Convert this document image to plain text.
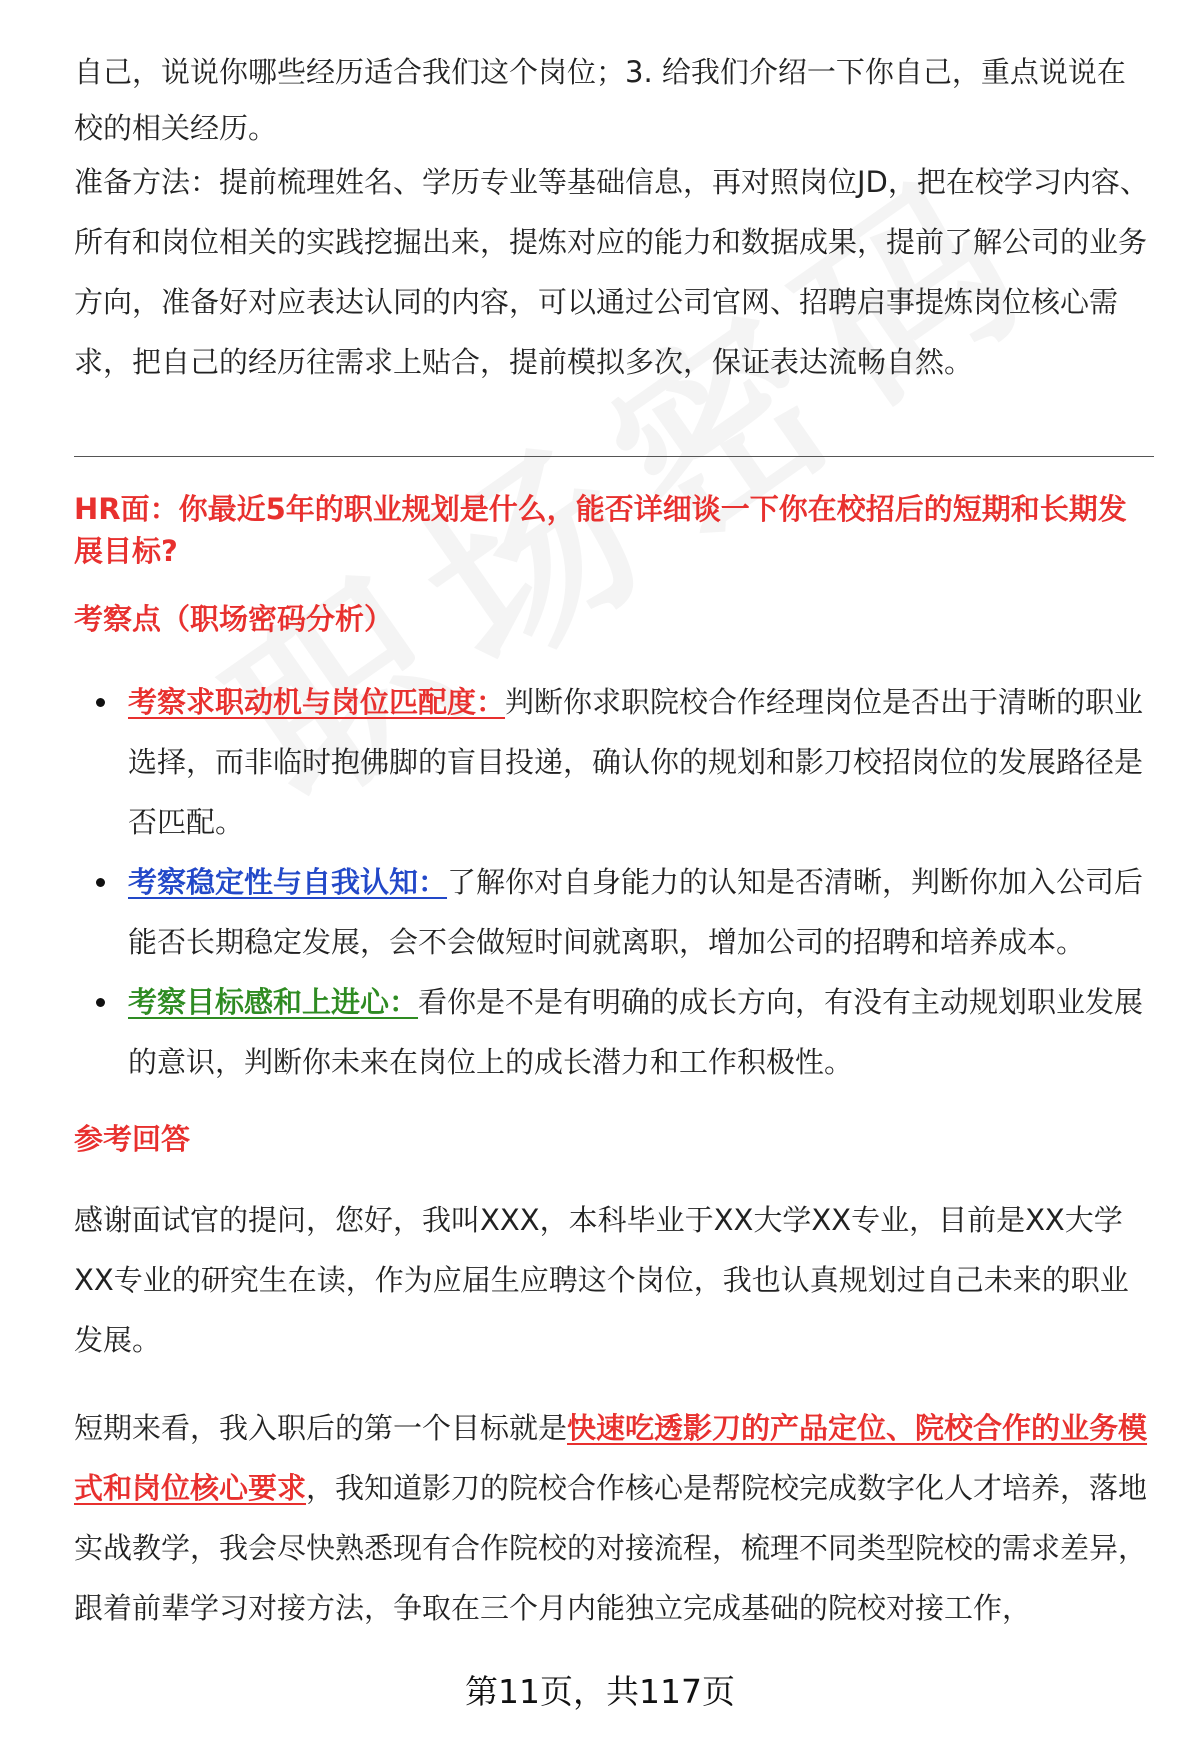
自己，说说你哪些经历适合我们这个岗位；3. 给我们介绍一下你自己，重点说说在

校的相关经历。

准备方法：提前梳理姓名、学历专业等基础信息，再对照岗位JD，把在校学习内容、所有和岗位相关的实践挖掘出来，提炼对应的能力和数据成果，提前了解公司的业务方向，准备好对应表达认同的内容，可以通过公司官网、招聘启事提炼岗位核心需求，把自己的经历往需求上贴合，提前模拟多次，保证表达流畅自然。

HR面：你最近5年的职业规划是什么，能否详细谈一下你在校招后的短期和长期发展目标?

考察点（职场密码分析）

考察求职动机与岗位匹配度：判断你求职院校合作经理岗位是否出于清晰的职业选择，而非临时抱佛脚的盲目投递，确认你的规划和影刀校招岗位的发展路径是否匹配。
考察稳定性与自我认知：了解你对自身能力的认知是否清晰，判断你加入公司后能否长期稳定发展，会不会做短时间就离职，增加公司的招聘和培养成本。
考察目标感和上进心：看你是不是有明确的成长方向，有没有主动规划职业发展的意识，判断你未来在岗位上的成长潜力和工作积极性。

参考回答

感谢面试官的提问，您好，我叫XXX，本科毕业于XX大学XX专业，目前是XX大学XX专业的研究生在读，作为应届生应聘这个岗位，我也认真规划过自己未来的职业发展。

短期来看，我入职后的第一个目标就是快速吃透影刀的产品定位、院校合作的业务模式和岗位核心要求，我知道影刀的院校合作核心是帮院校完成数字化人才培养，落地实战教学，我会尽快熟悉现有合作院校的对接流程，梳理不同类型院校的需求差异，跟着前辈学习对接方法，争取在三个月内能独立完成基础的院校对接工作，

第11页，共117页
